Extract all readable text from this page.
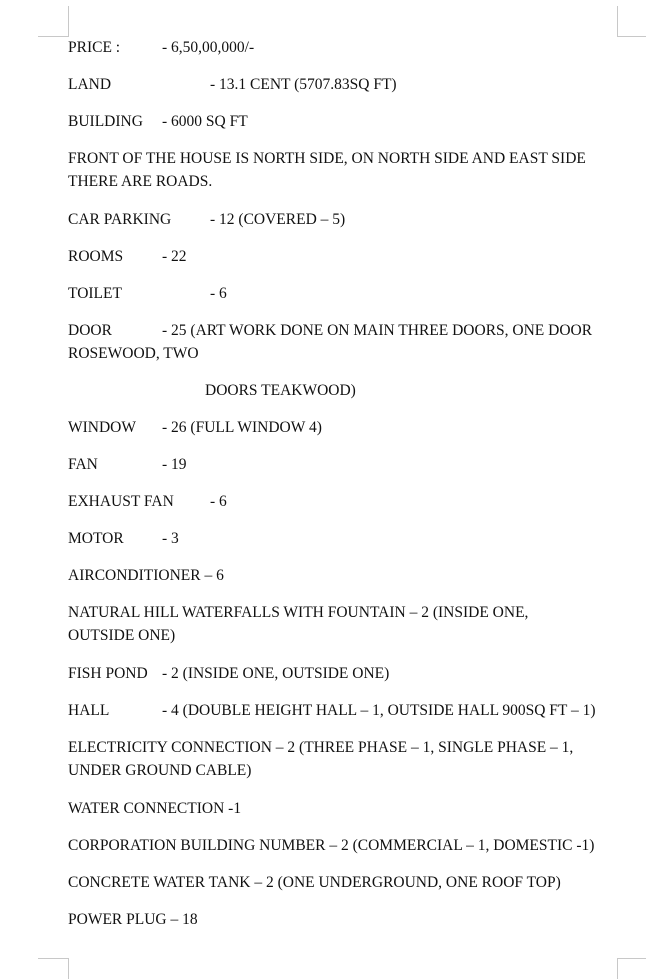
PRICE :	- 6,50,00,000/-
LAND	- 13.1 CENT (5707.83SQ FT)
BUILDING - 6000 SQ FT
FRONT OF THE HOUSE IS NORTH SIDE, ON NORTH SIDE AND EAST SIDE THERE ARE ROADS.
CAR PARKING	- 12 (COVERED – 5)
ROOMS	- 22
TOILET	- 6
DOOR	- 25 (ART WORK DONE ON MAIN THREE DOORS, ONE DOOR
ROSEWOOD, TWO
DOORS TEAKWOOD)
WINDOW - 26 (FULL WINDOW 4)
FAN	- 19
EXHAUST FAN - 6
MOTOR - 3
AIRCONDITIONER – 6
NATURAL HILL WATERFALLS WITH FOUNTAIN – 2 (INSIDE ONE, OUTSIDE ONE)
FISH POND - 2 (INSIDE ONE, OUTSIDE ONE)
HALL	- 4 (DOUBLE HEIGHT HALL – 1, OUTSIDE HALL 900SQ FT – 1)
ELECTRICITY CONNECTION – 2 (THREE PHASE – 1, SINGLE PHASE – 1, UNDER GROUND CABLE)
WATER CONNECTION -1
CORPORATION BUILDING NUMBER – 2 (COMMERCIAL – 1, DOMESTIC -1)
CONCRETE WATER TANK – 2 (ONE UNDERGROUND, ONE ROOF TOP)
POWER PLUG – 18
